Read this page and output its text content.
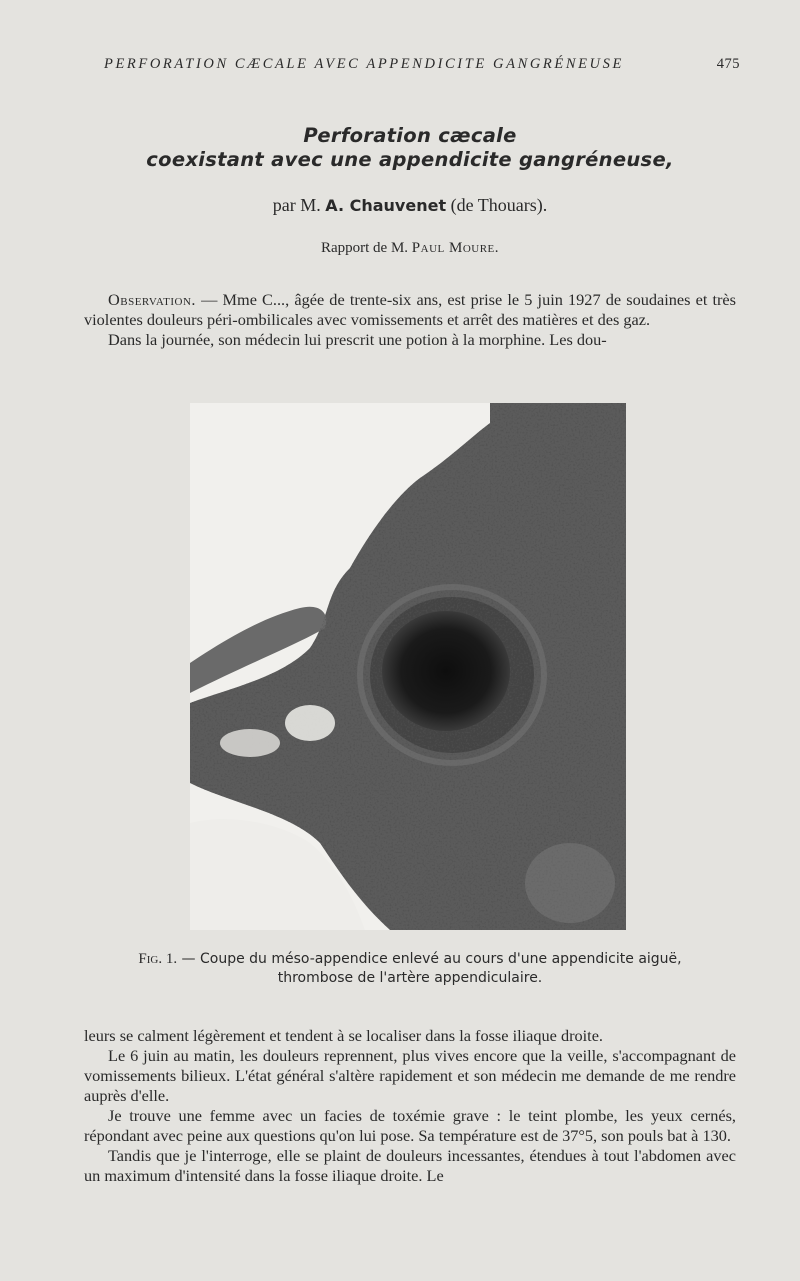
PERFORATION CÆCALE AVEC APPENDICITE GANGRÉNEUSE	475
Perforation cæcale
coexistant avec une appendicite gangréneuse,
par M. A. Chauvenet (de Thouars).
Rapport de M. Paul Moure.

Observation. — Mme C..., âgée de trente-six ans, est prise le 5 juin 1927 de soudaines et très violentes douleurs péri-ombilicales avec vomissements et arrêt des matières et des gaz.

Dans la journée, son médecin lui prescrit une potion à la morphine. Les dou-

Fig. 1. — Coupe du méso-appendice enlevé au cours d'une appendicite aiguë, thrombose de l'artère appendiculaire.

leurs se calment légèrement et tendent à se localiser dans la fosse iliaque droite.

Le 6 juin au matin, les douleurs reprennent, plus vives encore que la veille, s'accompagnant de vomissements bilieux. L'état général s'altère rapidement et son médecin me demande de me rendre auprès d'elle.

Je trouve une femme avec un facies de toxémie grave : le teint plombe, les yeux cernés, répondant avec peine aux questions qu'on lui pose. Sa température est de 37°5, son pouls bat à 130.

Tandis que je l'interroge, elle se plaint de douleurs incessantes, étendues à tout l'abdomen avec un maximum d'intensité dans la fosse iliaque droite. Le
